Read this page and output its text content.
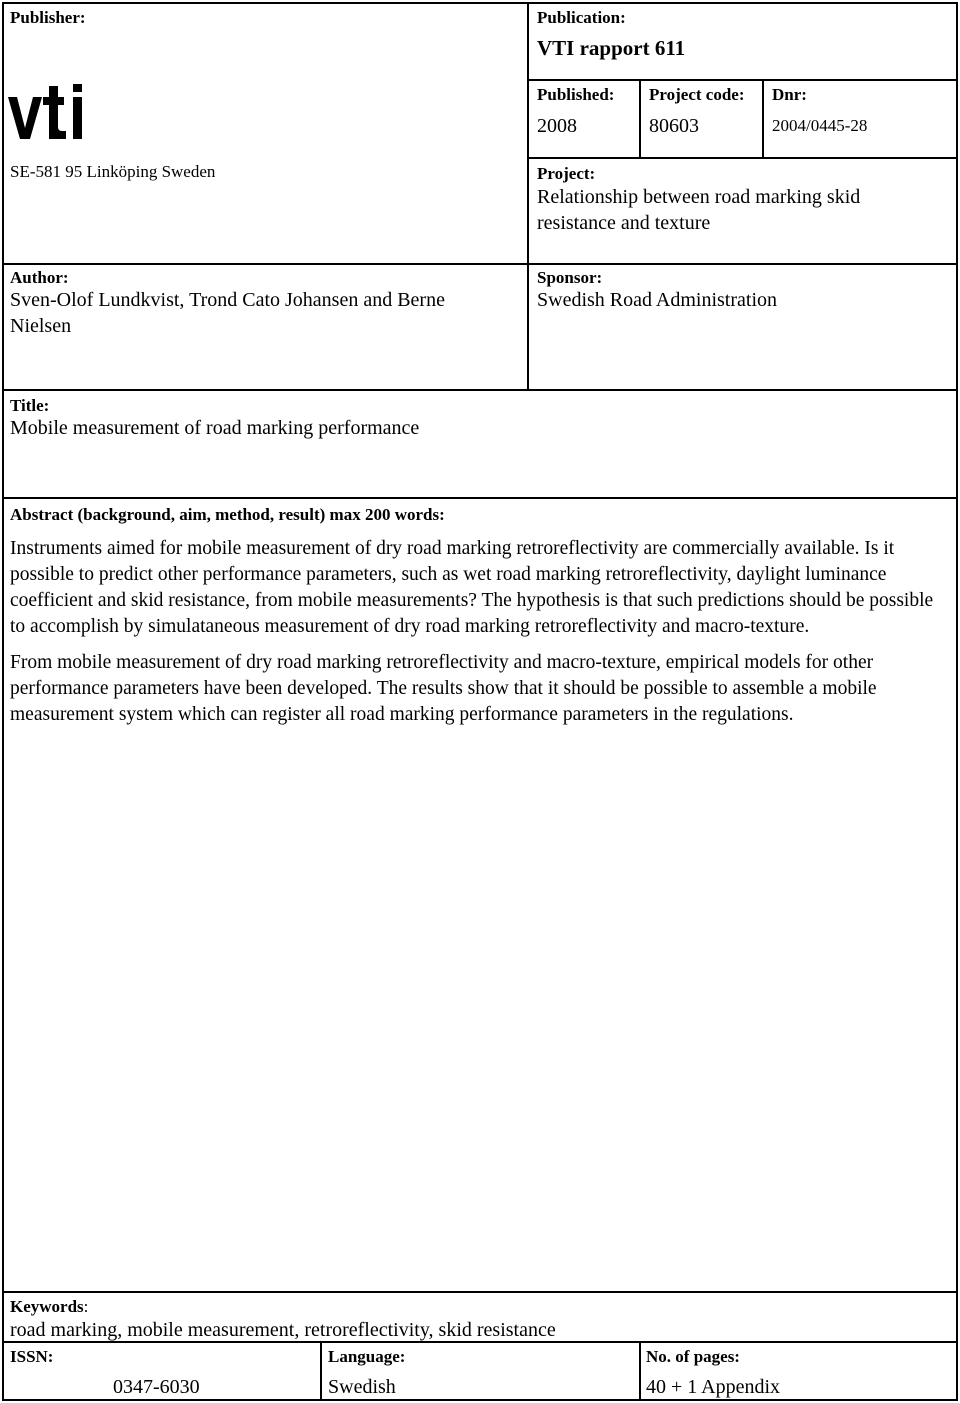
Publisher:
SE-581 95 Linköping Sweden
Publication:
VTI rapport 611
Published:
2008
Project code:
80603
Dnr:
2004/0445-28
Project:
Relationship between road marking skid resistance and texture
Author:
Sven-Olof Lundkvist, Trond Cato Johansen and Berne Nielsen
Sponsor:
Swedish Road Administration
Title:
Mobile measurement of road marking performance
Abstract (background, aim, method, result) max 200 words:

Instruments aimed for mobile measurement of dry road marking retroreflectivity are commercially available. Is it possible to predict other performance parameters, such as wet road marking retroreflectivity, daylight luminance coefficient and skid resistance, from mobile measurements? The hypothesis is that such predictions should be possible to accomplish by simulataneous measurement of dry road marking retroreflectivity and macro-texture.

From mobile measurement of dry road marking retroreflectivity and macro-texture, empirical models for other performance parameters have been developed. The results show that it should be possible to assemble a mobile measurement system which can register all road marking performance parameters in the regulations.

Keywords:
road marking, mobile measurement, retroreflectivity, skid resistance
ISSN:
0347-6030
Language:
Swedish
No. of pages:
40 + 1 Appendix
